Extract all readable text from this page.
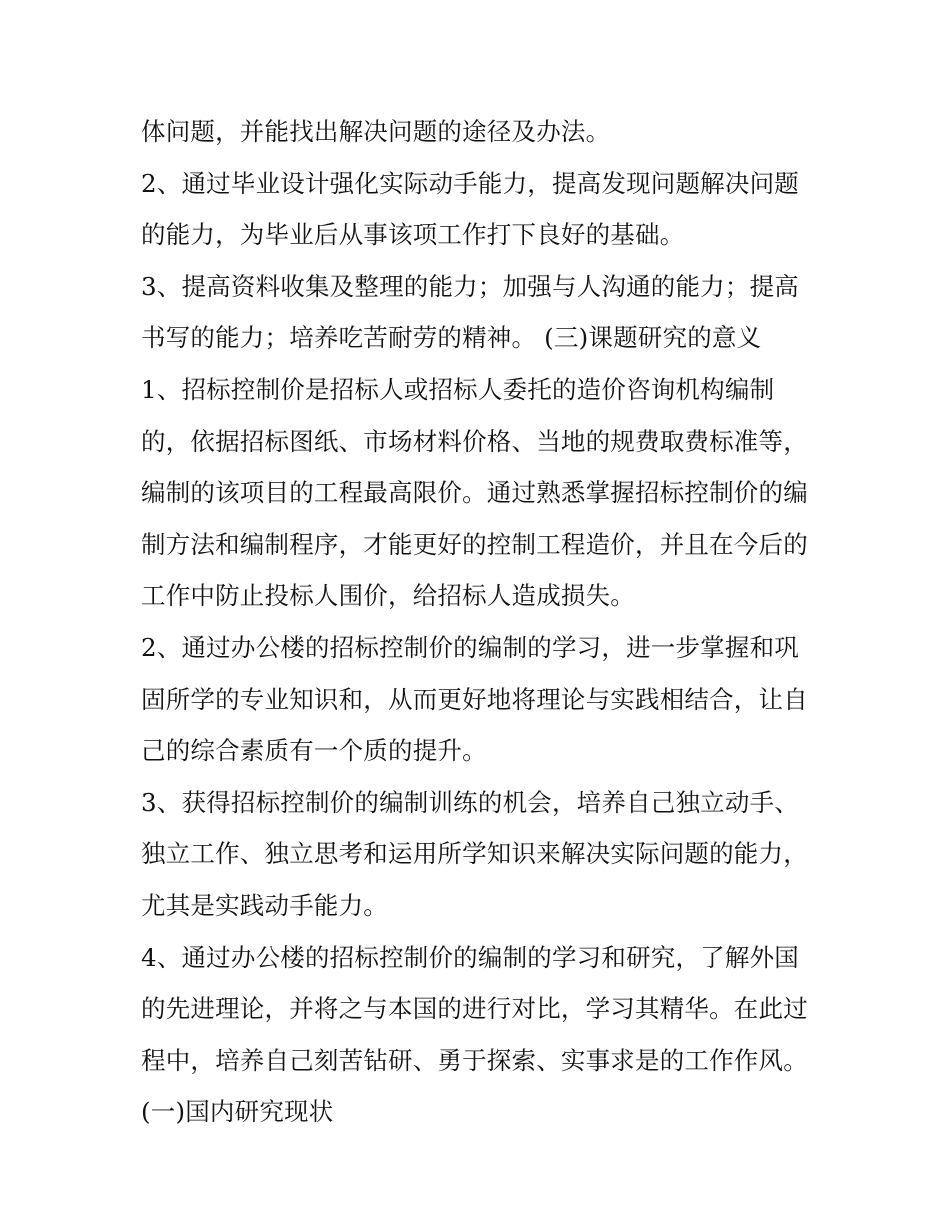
体问题，并能找出解决问题的途径及办法。
2、通过毕业设计强化实际动手能力，提高发现问题解决问题
的能力，为毕业后从事该项工作打下良好的基础。
3、提高资料收集及整理的能力；加强与人沟通的能力；提高
书写的能力；培养吃苦耐劳的精神。 (三)课题研究的意义
1、招标控制价是招标人或招标人委托的造价咨询机构编制
的，依据招标图纸、市场材料价格、当地的规费取费标准等，
编制的该项目的工程最高限价。通过熟悉掌握招标控制价的编
制方法和编制程序，才能更好的控制工程造价，并且在今后的
工作中防止投标人围价，给招标人造成损失。
2、通过办公楼的招标控制价的编制的学习，进一步掌握和巩
固所学的专业知识和，从而更好地将理论与实践相结合，让自
己的综合素质有一个质的提升。
3、获得招标控制价的编制训练的机会，培养自己独立动手、
独立工作、独立思考和运用所学知识来解决实际问题的能力，
尤其是实践动手能力。
4、通过办公楼的招标控制价的编制的学习和研究，了解外国
的先进理论，并将之与本国的进行对比，学习其精华。在此过
程中，培养自己刻苦钻研、勇于探索、实事求是的工作作风。
(一)国内研究现状
